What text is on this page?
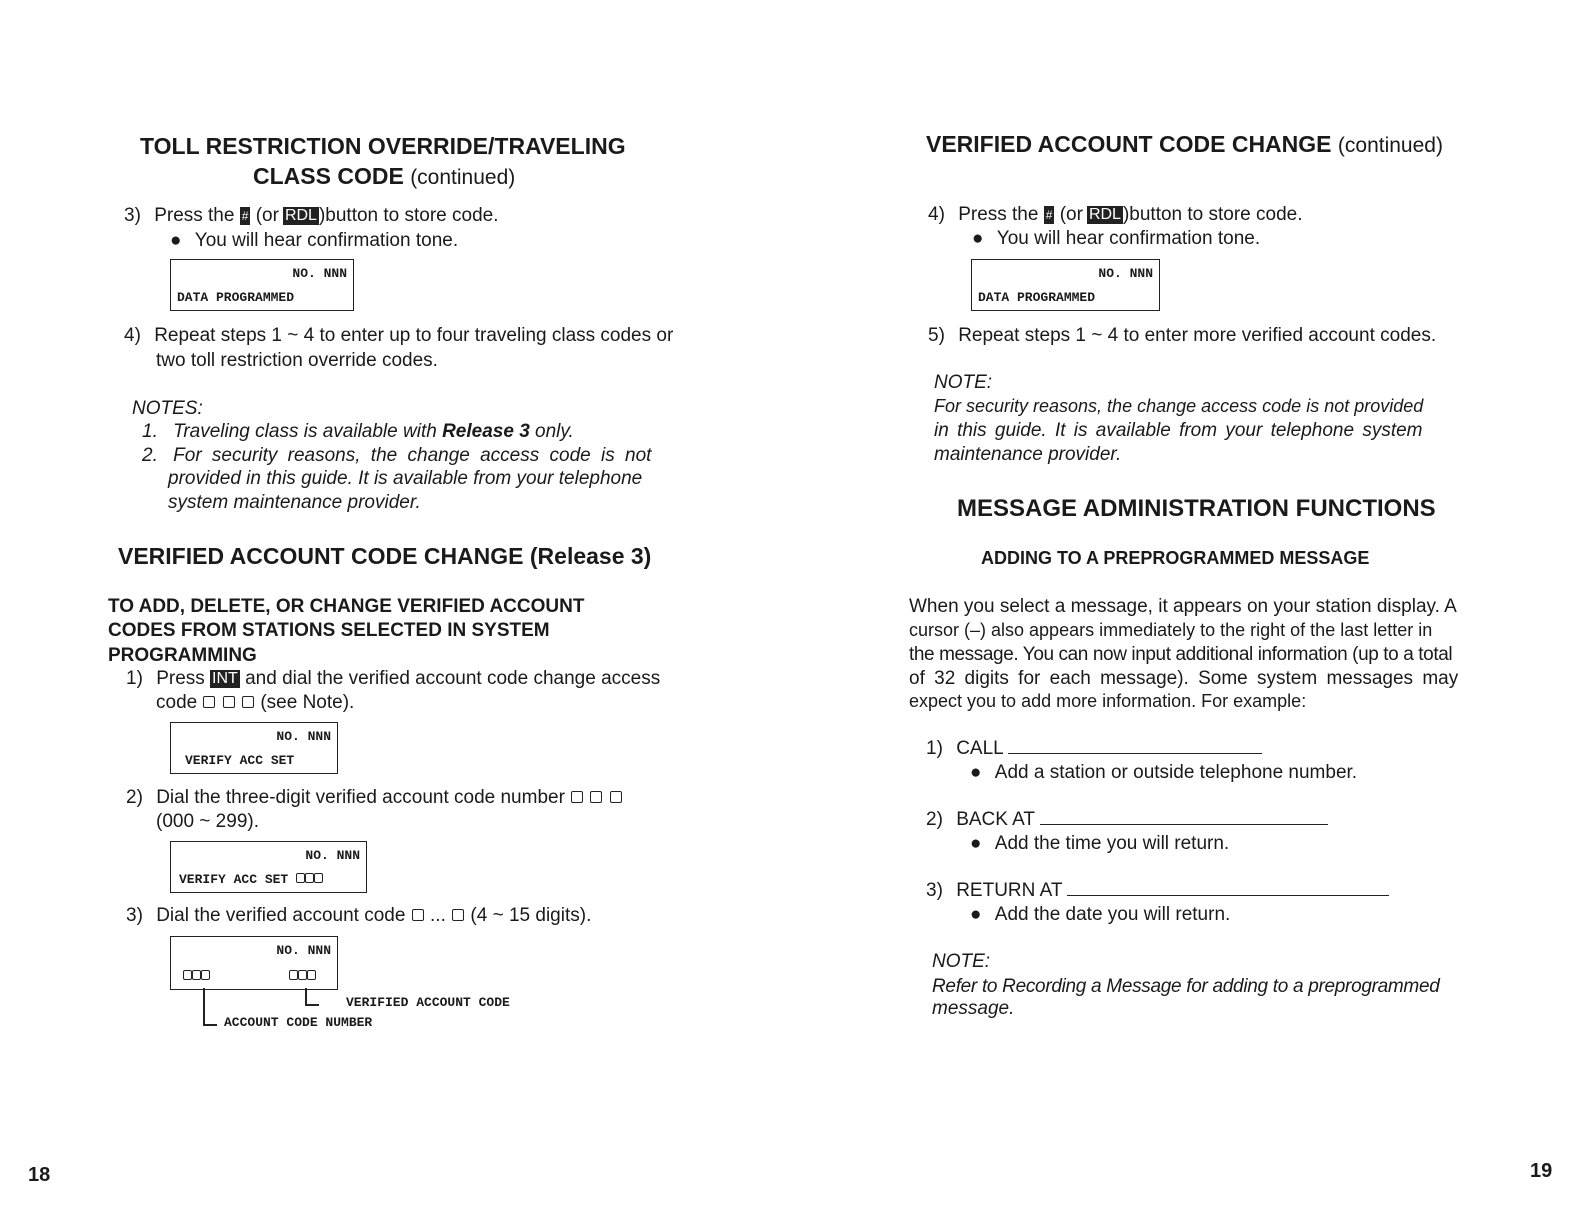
TOLL RESTRICTION OVERRIDE/TRAVELING
CLASS CODE (continued)
3) Press the # (or RDL )button to store code.
● You will hear confirmation tone.
NO. NNN
DATA PROGRAMMED
4) Repeat steps 1 ~ 4 to enter up to four traveling class codes or
two toll restriction override codes.
NOTES:
1. Traveling class is available with Release 3 only.
2. For security reasons, the change access code is not
provided in this guide. It is available from your telephone
system maintenance provider.
VERIFIED ACCOUNT CODE CHANGE (Release 3)
TO ADD, DELETE, OR CHANGE VERIFIED ACCOUNT
CODES FROM STATIONS SELECTED IN SYSTEM
PROGRAMMING
1) Press INT and dial the verified account code change access
code	(see Note).
NO. NNN
VERIFY ACC SET
2) Dial the three-digit verified account code number
(000 ~ 299).
NO. NNN
VERIFY ACC SET
3) Dial the verified account code ... (4 ~ 15 digits).
NO. NNN
VERIFIED ACCOUNT CODE
ACCOUNT CODE NUMBER
18
VERIFIED ACCOUNT CODE CHANGE (continued)
4) Press the # (or RDL )button to store code.
● You will hear confirmation tone.
NO. NNN
DATA PROGRAMMED
5) Repeat steps 1 ~ 4 to enter more verified account codes.
NOTE:
For security reasons, the change access code is not provided
in this guide. It is available from your telephone system
maintenance provider.
MESSAGE ADMINISTRATION FUNCTIONS
ADDING TO A PREPROGRAMMED MESSAGE
When you select a message, it appears on your station display. A
cursor (–) also appears immediately to the right of the last letter in
the message. You can now input additional information (up to a total
of 32 digits for each message). Some system messages may
expect you to add more information. For example:
1) CALL
● Add a station or outside telephone number.
2) BACK AT
● Add the time you will return.
3) RETURN AT
● Add the date you will return.
NOTE:
Refer to Recording a Message for adding to a preprogrammed
message.
19
